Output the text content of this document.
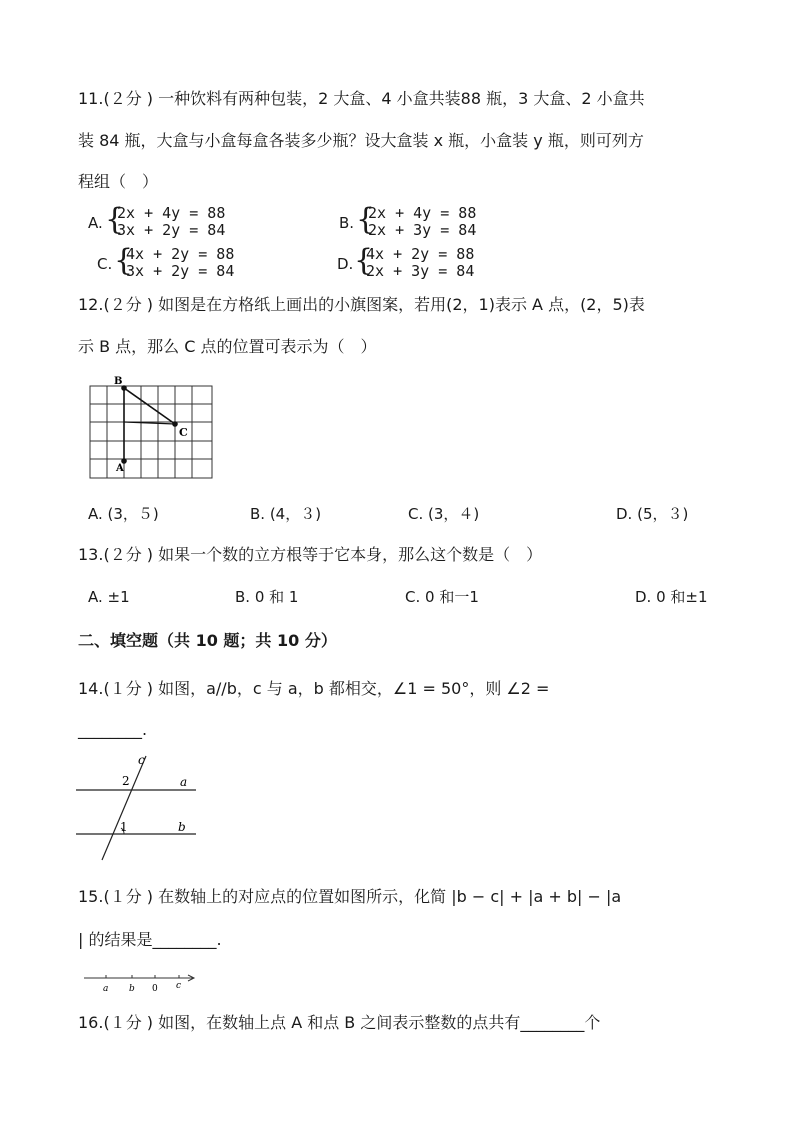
11.(２分 ) 一种饮料有两种包装，2 大盒、4 小盒共装88 瓶，3 大盒、2 小盒共
装 84 瓶，大盒与小盒每盒各装多少瓶？设大盒装 x 瓶，小盒装 y 瓶，则可列方
程组（　）
A. {
2x + 4y = 88
3x + 2y = 84	B. {
2x + 4y = 88
2x + 3y = 84
C. {
4x + 2y = 88
3x + 2y = 84	D. {
4x + 2y = 88
2x + 3y = 84
12.(２分 ) 如图是在方格纸上画出的小旗图案，若用(2，1)表示 A 点，(2，5)表
示 B 点，那么 C 点的位置可表示为（　）
B
C
A
A. (3，５)	B. (4，３)	C. (3，４)	D. (5，３)
13.(２分 ) 如果一个数的立方根等于它本身，那么这个数是（　）
A. ±1	B. 0 和 1	C. 0 和一1	D. 0 和±1
二、填空题（共 10 题；共 10 分）
14.(１分 ) 如图，a//b，c 与 a，b 都相交，∠1 = 50°，则 ∠2 =
________.
c
2	a
1	b
15.(１分 ) 在数轴上的对应点的位置如图所示，化简 |b − c| + |a + b| − |a
| 的结果是________.
a b 0 c
16.(１分 ) 如图，在数轴上点 A 和点 B 之间表示整数的点共有________个
